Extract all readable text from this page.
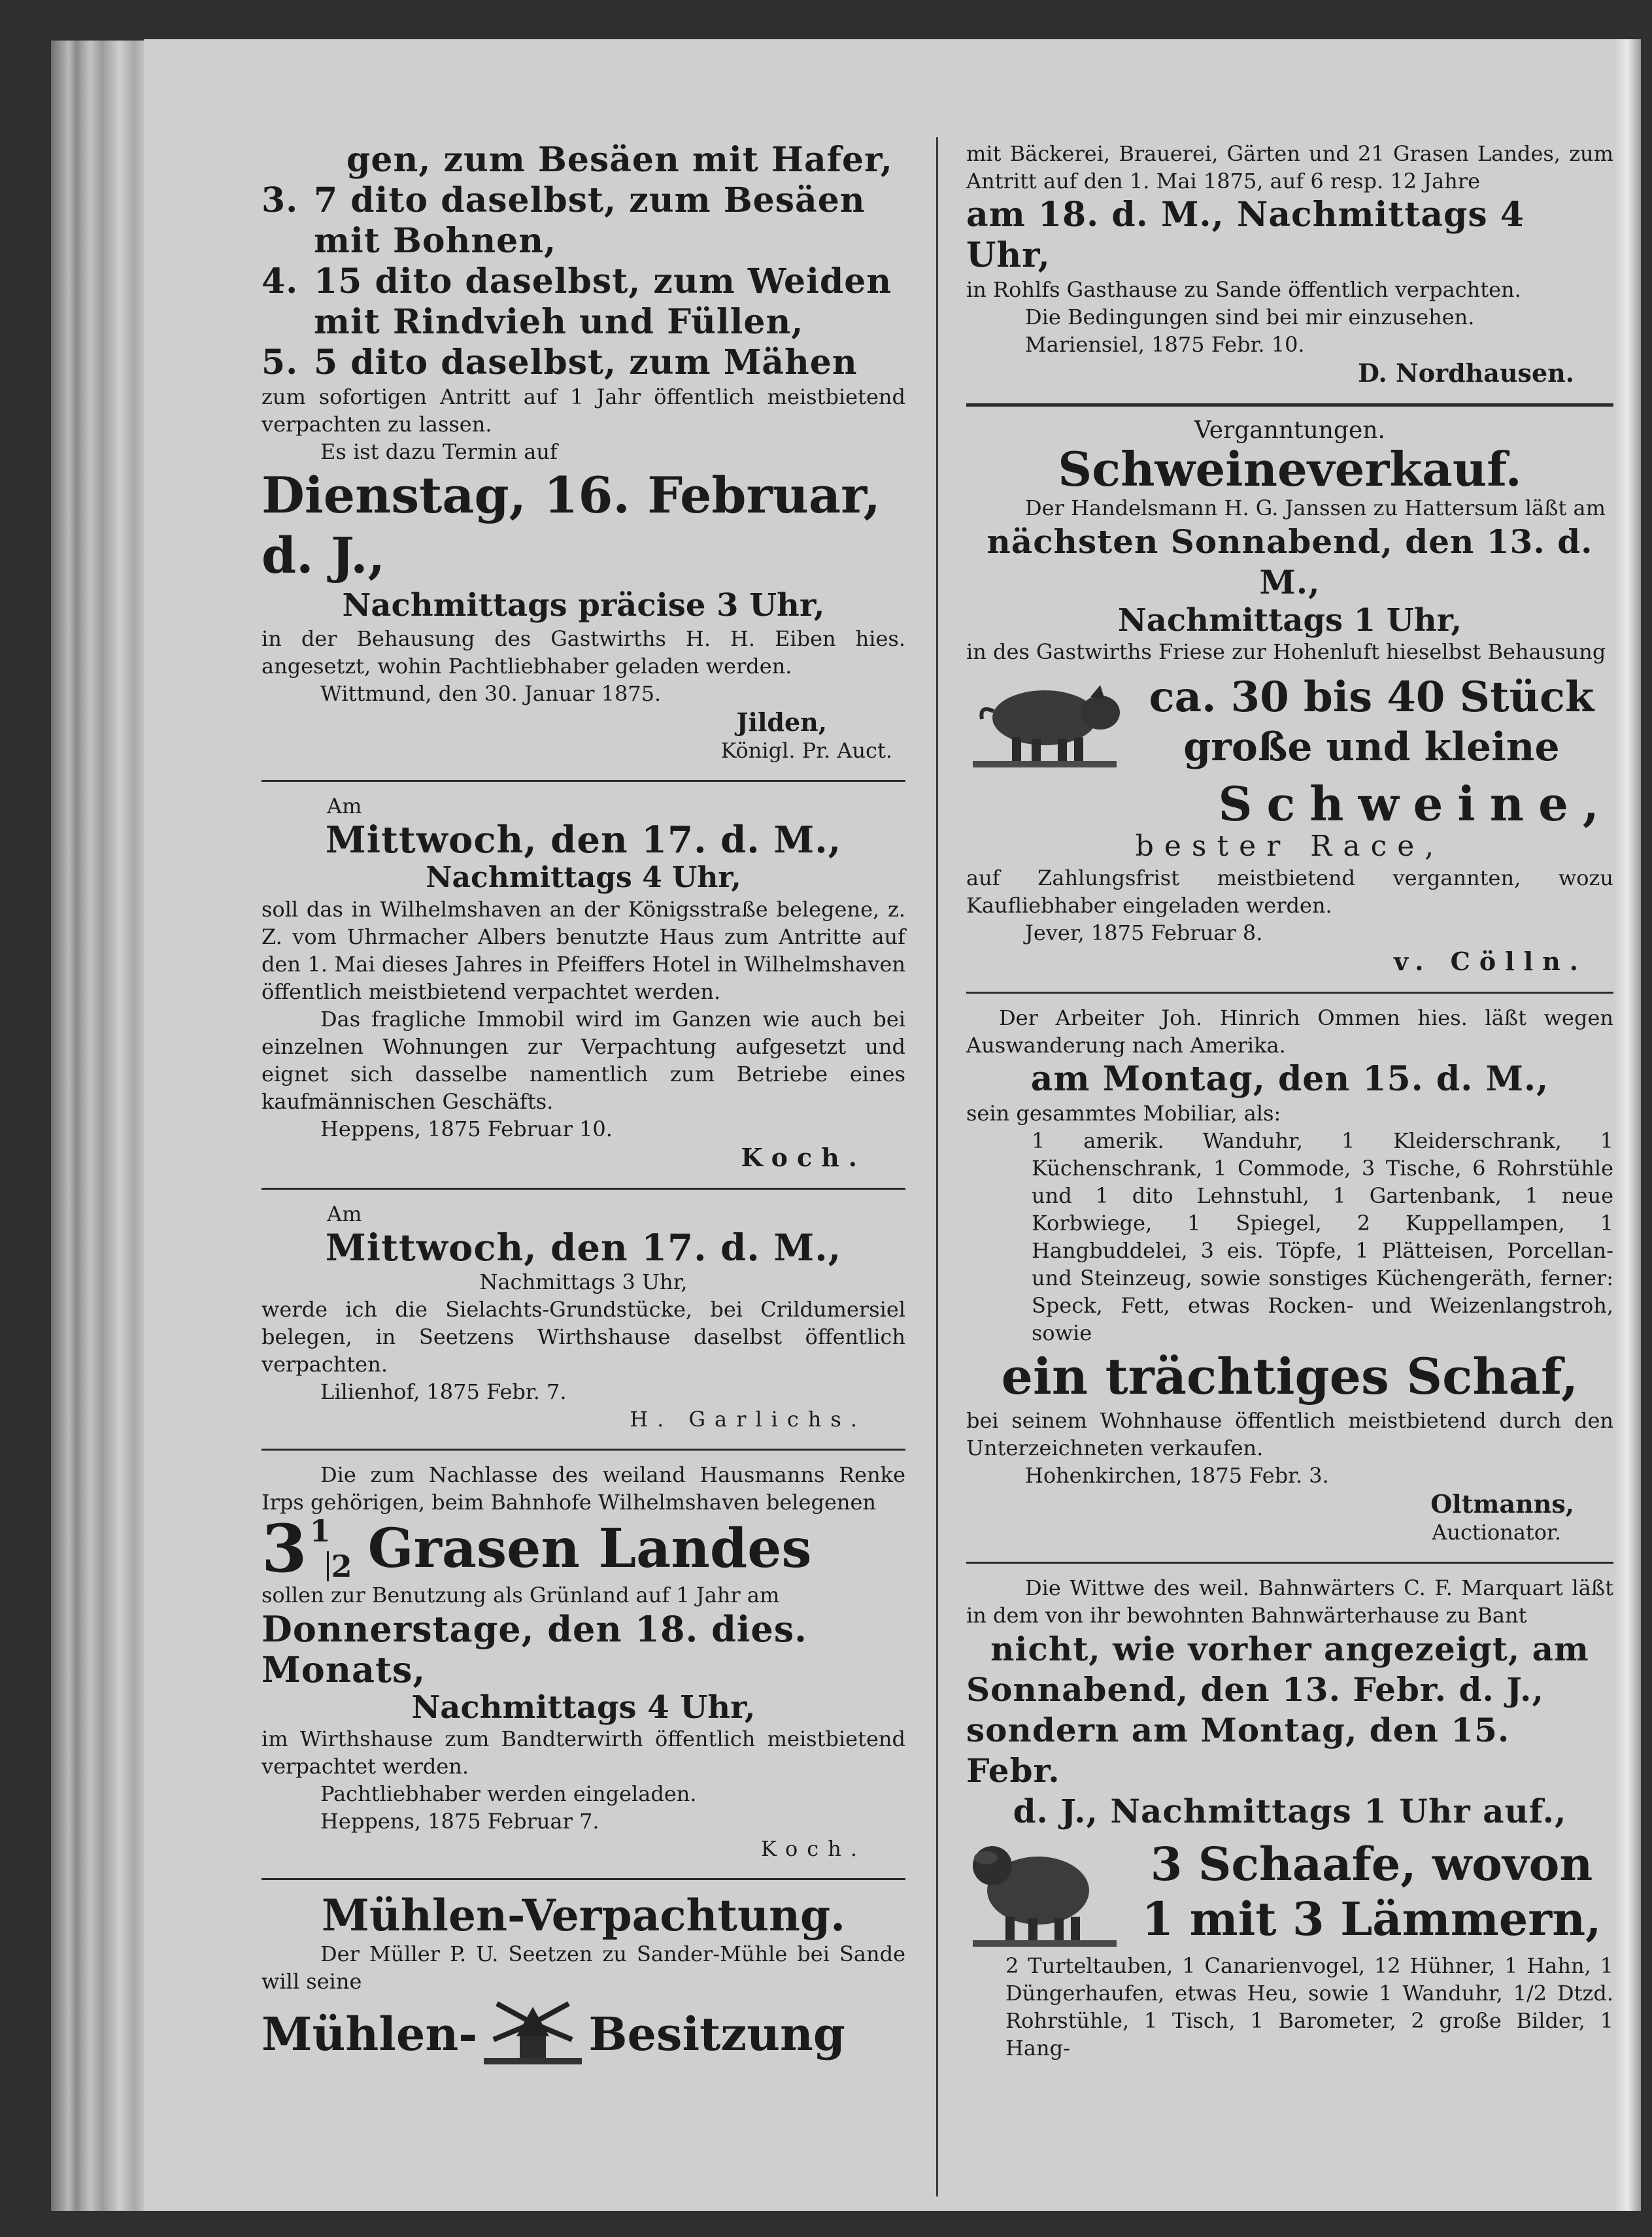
gen, zum Besäen mit Hafer,
3. 7 dito daselbst, zum Besäen
mit Bohnen,
4. 15 dito daselbst, zum Weiden
mit Rindvieh und Füllen,
5. 5 dito daselbst, zum Mähen
zum sofortigen Antritt auf 1 Jahr öffentlich meistbietend verpachten zu lassen.
Es ist dazu Termin auf
Dienstag, 16. Februar, d. J.,
Nachmittags präcise 3 Uhr,
in der Behausung des Gastwirths H. H. Eiben hies. angesetzt, wohin Pachtliebhaber geladen werden.
Wittmund, den 30. Januar 1875.
Jilden,
Königl. Pr. Auct.
Am
Mittwoch, den 17. d. M.,
Nachmittags 4 Uhr,
soll das in Wilhelmshaven an der Königsstraße belegene, z. Z. vom Uhrmacher Albers benutzte Haus zum Antritte auf den 1. Mai dieses Jahres in Pfeiffers Hotel in Wilhelmshaven öffentlich meistbietend verpachtet werden.
Das fragliche Immobil wird im Ganzen wie auch bei einzelnen Wohnungen zur Verpachtung aufgesetzt und eignet sich dasselbe namentlich zum Betriebe eines kaufmännischen Geschäfts.
Heppens, 1875 Februar 10.
Koch.
Am
Mittwoch, den 17. d. M.,
Nachmittags 3 Uhr,
werde ich die Sielachts-Grundstücke, bei Crildumersiel belegen, in Seetzens Wirthshause daselbst öffentlich verpachten.
Lilienhof, 1875 Febr. 7.
H. Garlichs.
Die zum Nachlasse des weiland Hausmanns Renke Irps gehörigen, beim Bahnhofe Wilhelmshaven belegenen
$3^1$
2 Grasen Landes
sollen zur Benutzung als Grünland auf 1 Jahr am
Donnerstage, den 18. dies. Monats,
Nachmittags 4 Uhr,
im Wirthshause zum Bandterwirth öffentlich meistbietend verpachtet werden.
Pachtliebhaber werden eingeladen.
Heppens, 1875 Februar 7.
Koch.
Mühlen-Verpachtung.
Der Müller P. U. Seetzen zu Sander-Mühle bei Sande will seine
Mühlen- Besitzung
mit Bäckerei, Brauerei, Gärten und 21 Grasen Landes, zum Antritt auf den 1. Mai 1875, auf 6 resp. 12 Jahre
am 18. d. M., Nachmittags 4 Uhr,
in Rohlfs Gasthause zu Sande öffentlich verpachten.
Die Bedingungen sind bei mir einzusehen.
Mariensiel, 1875 Febr. 10.
D. Nordhausen.
Verganntungen.
Schweineverkauf.
Der Handelsmann H. G. Janssen zu Hattersum läßt am
nächsten Sonnabend, den 13. d. M.,
Nachmittags 1 Uhr,
in des Gastwirths Friese zur Hohenluft hieselbst Behausung
ca. 30 bis 40 Stück
große und kleine
Schweine,
bester Race,
auf Zahlungsfrist meistbietend vergannten, wozu Kaufliebhaber eingeladen werden.
Jever, 1875 Februar 8.
v. Cölln.
Der Arbeiter Joh. Hinrich Ommen hies. läßt wegen Auswanderung nach Amerika.
am Montag, den 15. d. M.,
sein gesammtes Mobiliar, als:
1 amerik. Wanduhr, 1 Kleiderschrank, 1 Küchenschrank, 1 Commode, 3 Tische, 6 Rohrstühle und 1 dito Lehnstuhl, 1 Gartenbank, 1 neue Korbwiege, 1 Spiegel, 2 Kuppellampen, 1 Hangbuddelei, 3 eis. Töpfe, 1 Plätteisen, Porcellan- und Steinzeug, sowie sonstiges Küchengeräth, ferner: Speck, Fett, etwas Rocken- und Weizenlangstroh, sowie
ein trächtiges Schaf,
bei seinem Wohnhause öffentlich meistbietend durch den Unterzeichneten verkaufen.
Hohenkirchen, 1875 Febr. 3.
Oltmanns,
Auctionator.
Die Wittwe des weil. Bahnwärters C. F. Marquart läßt in dem von ihr bewohnten Bahnwärterhause zu Bant
nicht, wie vorher angezeigt, am
Sonnabend, den 13. Febr. d. J.,
sondern am Montag, den 15. Febr.
d. J., Nachmittags 1 Uhr auf.,
3 Schaafe, wovon
1 mit 3 Lämmern,
2 Turteltauben, 1 Canarienvogel, 12 Hühner, 1 Hahn, 1 Düngerhaufen, etwas Heu, sowie 1 Wanduhr, 1/2 Dtzd. Rohrstühle, 1 Tisch, 1 Barometer, 2 große Bilder, 1 Hang-
